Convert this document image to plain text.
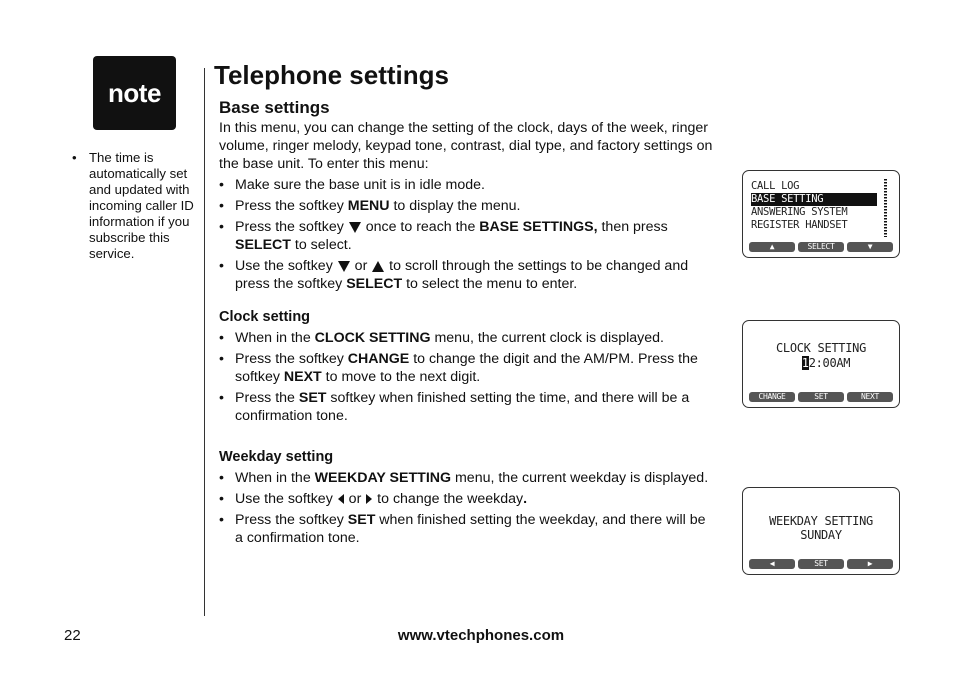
note
• The time is automatically set and updated with incoming caller ID information if you subscribe this service.
Telephone settings
Base settings

In this menu, you can change the setting of the clock, days of the week, ringer volume, ringer melody, keypad tone, contrast, dial type, and factory settings on the base unit. To enter this menu:

• Make sure the base unit is in idle mode.
• Press the softkey MENU to display the menu.
• Press the softkey  once to reach the BASE SETTINGS, then press SELECT to select.
• Use the softkey  or  to scroll through the settings to be changed and press the softkey SELECT to select the menu to enter.
Clock setting
• When in the CLOCK SETTING menu, the current clock is displayed.
• Press the softkey CHANGE to change the digit and the AM/PM. Press the softkey NEXT to move to the next digit.
• Press the SET softkey when finished setting the time, and there will be a confirmation tone.
Weekday setting
• When in the WEEKDAY SETTING menu, the current weekday is displayed.
• Use the softkey  or  to change the weekday.
• Press the softkey SET when finished setting the weekday, and there will be a confirmation tone.
CALL LOG
BASE SETTING
ANSWERING SYSTEM
REGISTER HANDSET
▲	SELECT	▼
CLOCK SETTING
12:00AM
CHANGE	SET	NEXT
WEEKDAY SETTING
SUNDAY
◀	SET	▶
22	www.vtechphones.com
